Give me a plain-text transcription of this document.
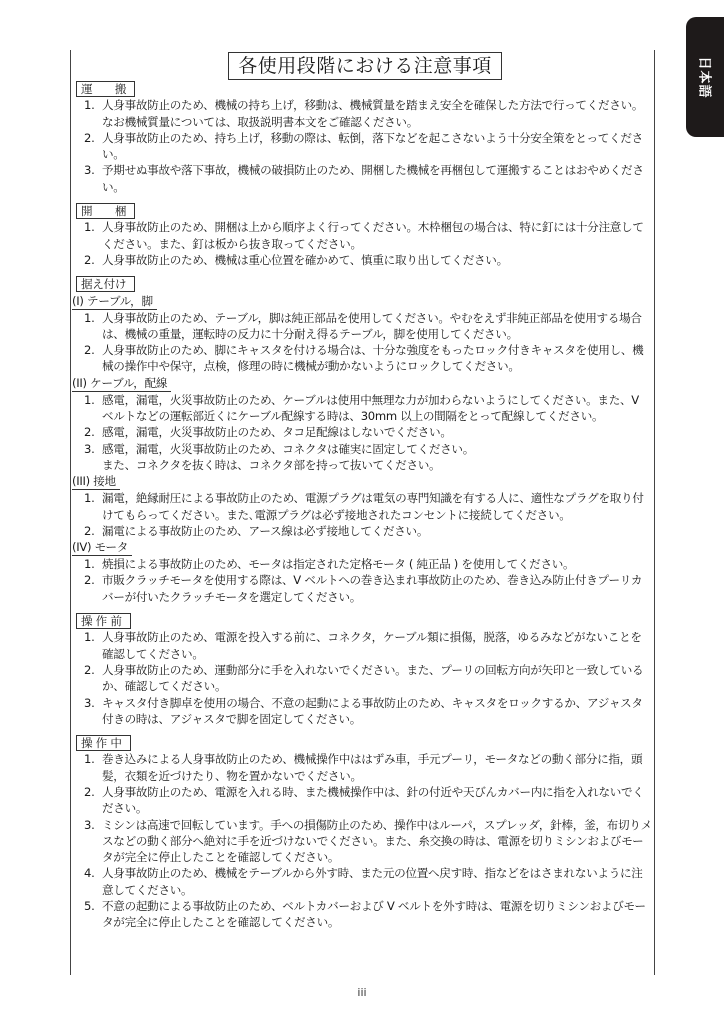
日本語
各使用段階における注意事項
運　　搬
1. 人身事故防止のため、機械の持ち上げ，移動は、機械質量を踏まえ安全を確保した方法で行ってください。なお機械質量については、取扱説明書本文をご確認ください。
2. 人身事故防止のため、持ち上げ，移動の際は、転倒，落下などを起こさないよう十分安全策をとってください。
3. 予期せぬ事故や落下事故，機械の破損防止のため、開梱した機械を再梱包して運搬することはおやめください。
開　　梱
1. 人身事故防止のため、開梱は上から順序よく行ってください。木枠梱包の場合は、特に釘には十分注意してください。また、釘は板から抜き取ってください。
2. 人身事故防止のため、機械は重心位置を確かめて、慎重に取り出してください。
据え付け
(I) テーブル，脚
1. 人身事故防止のため、テーブル，脚は純正部品を使用してください。やむをえず非純正部品を使用する場合は、機械の重量，運転時の反力に十分耐え得るテーブル，脚を使用してください。
2. 人身事故防止のため、脚にキャスタを付ける場合は、十分な強度をもったロック付きキャスタを使用し、機械の操作中や保守，点検，修理の時に機械が動かないようにロックしてください。
(II) ケーブル，配線
1. 感電，漏電，火災事故防止のため、ケーブルは使用中無理な力が加わらないようにしてください。また、V ベルトなどの運転部近くにケーブル配線する時は、30mm 以上の間隔をとって配線してください。
2. 感電，漏電，火災事故防止のため、タコ足配線はしないでください。
3. 感電，漏電，火災事故防止のため、コネクタは確実に固定してください。
また、コネクタを抜く時は、コネクタ部を持って抜いてください。
(III) 接地
1. 漏電，絶縁耐圧による事故防止のため、電源プラグは電気の専門知識を有する人に、適性なプラグを取り付けてもらってください。また､電源プラグは必ず接地されたコンセントに接続してください。
2. 漏電による事故防止のため、アース線は必ず接地してください。
(IV) モータ
1. 焼損による事故防止のため、モータは指定された定格モータ ( 純正品 ) を使用してください。
2. 市販クラッチモータを使用する際は、V ベルトへの巻き込まれ事故防止のため、巻き込み防止付きプーリカバーが付いたクラッチモータを選定してください。
操 作 前
1. 人身事故防止のため、電源を投入する前に、コネクタ，ケーブル類に損傷，脱落，ゆるみなどがないことを確認してください。
2. 人身事故防止のため、運動部分に手を入れないでください。また、プーリの回転方向が矢印と一致しているか、確認してください。
3. キャスタ付き脚卓を使用の場合、不意の起動による事故防止のため、キャスタをロックするか、アジャスタ付きの時は、アジャスタで脚を固定してください。
操 作 中
1. 巻き込みによる人身事故防止のため、機械操作中ははずみ車，手元プーリ，モータなどの動く部分に指，頭髪，衣類を近づけたり、物を置かないでください。
2. 人身事故防止のため、電源を入れる時、また機械操作中は、針の付近や天びんカバー内に指を入れないでください。
3. ミシンは高速で回転しています。手への損傷防止のため、操作中はルーパ，スプレッダ，針棒，釜，布切りメスなどの動く部分へ絶対に手を近づけないでください。また、糸交換の時は、電源を切りミシンおよびモータが完全に停止したことを確認してください。
4. 人身事故防止のため、機械をテーブルから外す時、また元の位置へ戻す時、指などをはさまれないように注意してください。
5. 不意の起動による事故防止のため、ベルトカバーおよび V ベルトを外す時は、電源を切りミシンおよびモータが完全に停止したことを確認してください。
iii
